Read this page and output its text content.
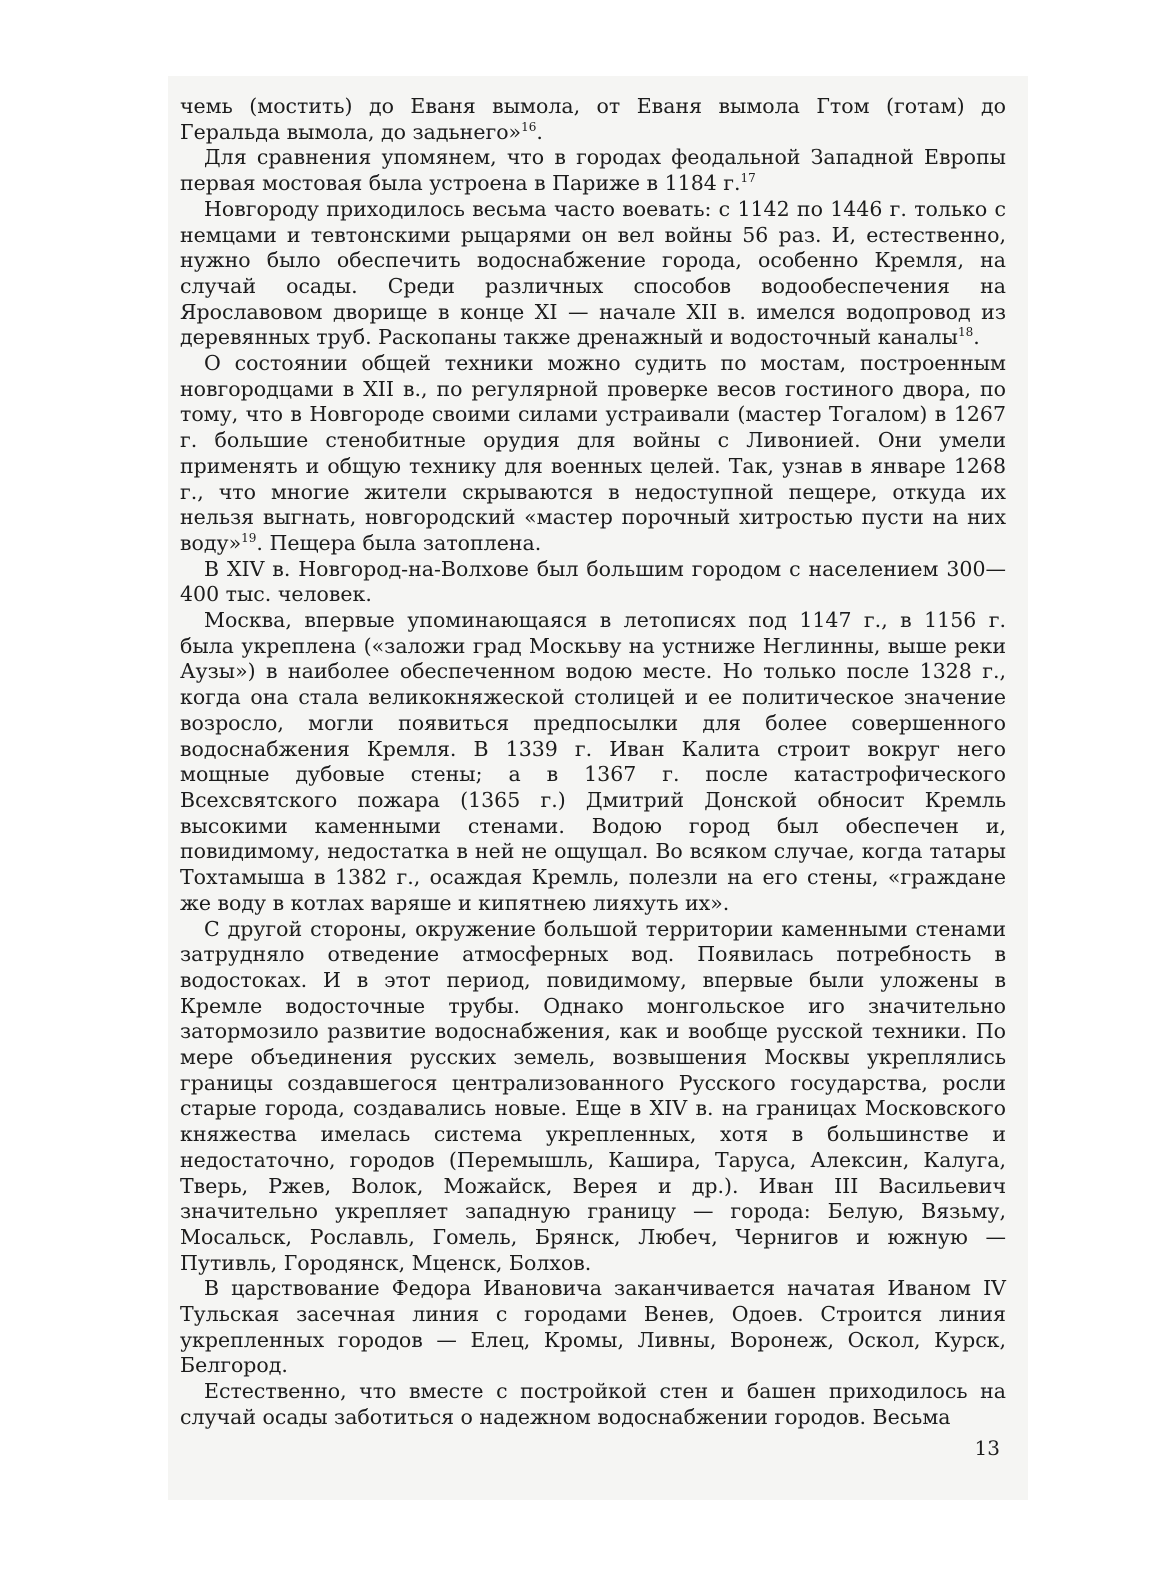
чемь (мостить) до Еваня вымола, от Еваня вымола Гтом (готам) до Геральда вымола, до задьнего»$^{16}$.

Для сравнения упомянем, что в городах феодальной Западной Европы первая мостовая была устроена в Париже в 1184 г.$^{17}$

Новгороду приходилось весьма часто воевать: с 1142 по 1446 г. только с немцами и тевтонскими рыцарями он вел войны 56 раз. И, естественно, нужно было обеспечить водоснабжение города, особенно Кремля, на случай осады. Среди различных способов водообеспечения на Ярославовом дворище в конце XI — начале XII в. имелся водопровод из деревянных труб. Раскопаны также дренажный и водосточный каналы$^{18}$.

О состоянии общей техники можно судить по мостам, построенным новгородцами в XII в., по регулярной проверке весов гостиного двора, по тому, что в Новгороде своими силами устраивали (мастер Тогалом) в 1267 г. большие стенобитные орудия для войны с Ливонией. Они умели применять и общую технику для военных целей. Так, узнав в январе 1268 г., что многие жители скрываются в недоступной пещере, откуда их нельзя выгнать, новгородский «мастер порочный хитростью пусти на них воду»$^{19}$. Пещера была затоплена.

В XIV в. Новгород-на-Волхове был большим городом с населением 300—400 тыс. человек.

Москва, впервые упоминающаяся в летописях под 1147 г., в 1156 г. была укреплена («заложи град Москьву на устниже Неглинны, выше реки Аузы») в наиболее обеспеченном водою месте. Но только после 1328 г., когда она стала великокняжеской столицей и ее политическое значение возросло, могли появиться предпосылки для более совершенного водоснабжения Кремля. В 1339 г. Иван Калита строит вокруг него мощные дубовые стены; а в 1367 г. после катастрофического Всехсвятского пожара (1365 г.) Дмитрий Донской обносит Кремль высокими каменными стенами. Водою город был обеспечен и, повидимому, недостатка в ней не ощущал. Во всяком случае, когда татары Тохтамыша в 1382 г., осаждая Кремль, полезли на его стены, «граждане же воду в котлах варяше и кипятнею лияхуть их».

С другой стороны, окружение большой территории каменными стенами затрудняло отведение атмосферных вод. Появилась потребность в водостоках. И в этот период, повидимому, впервые были уложены в Кремле водосточные трубы. Однако монгольское иго значительно затормозило развитие водоснабжения, как и вообще русской техники. По мере объединения русских земель, возвышения Москвы укреплялись границы создавшегося централизованного Русского государства, росли старые города, создавались новые. Еще в XIV в. на границах Московского княжества имелась система укрепленных, хотя в большинстве и недостаточно, городов (Перемышль, Кашира, Таруса, Алексин, Калуга, Тверь, Ржев, Волок, Можайск, Верея и др.). Иван III Васильевич значительно укрепляет западную границу — города: Белую, Вязьму, Мосальск, Рославль, Гомель, Брянск, Любеч, Чернигов и южную — Путивль, Городянск, Мценск, Болхов.

В царствование Федора Ивановича заканчивается начатая Иваном IV Тульская засечная линия с городами Венев, Одоев. Строится линия укрепленных городов — Елец, Кромы, Ливны, Воронеж, Оскол, Курск, Белгород.

Естественно, что вместе с постройкой стен и башен приходилось на случай осады заботиться о надежном водоснабжении городов. Весьма

13
